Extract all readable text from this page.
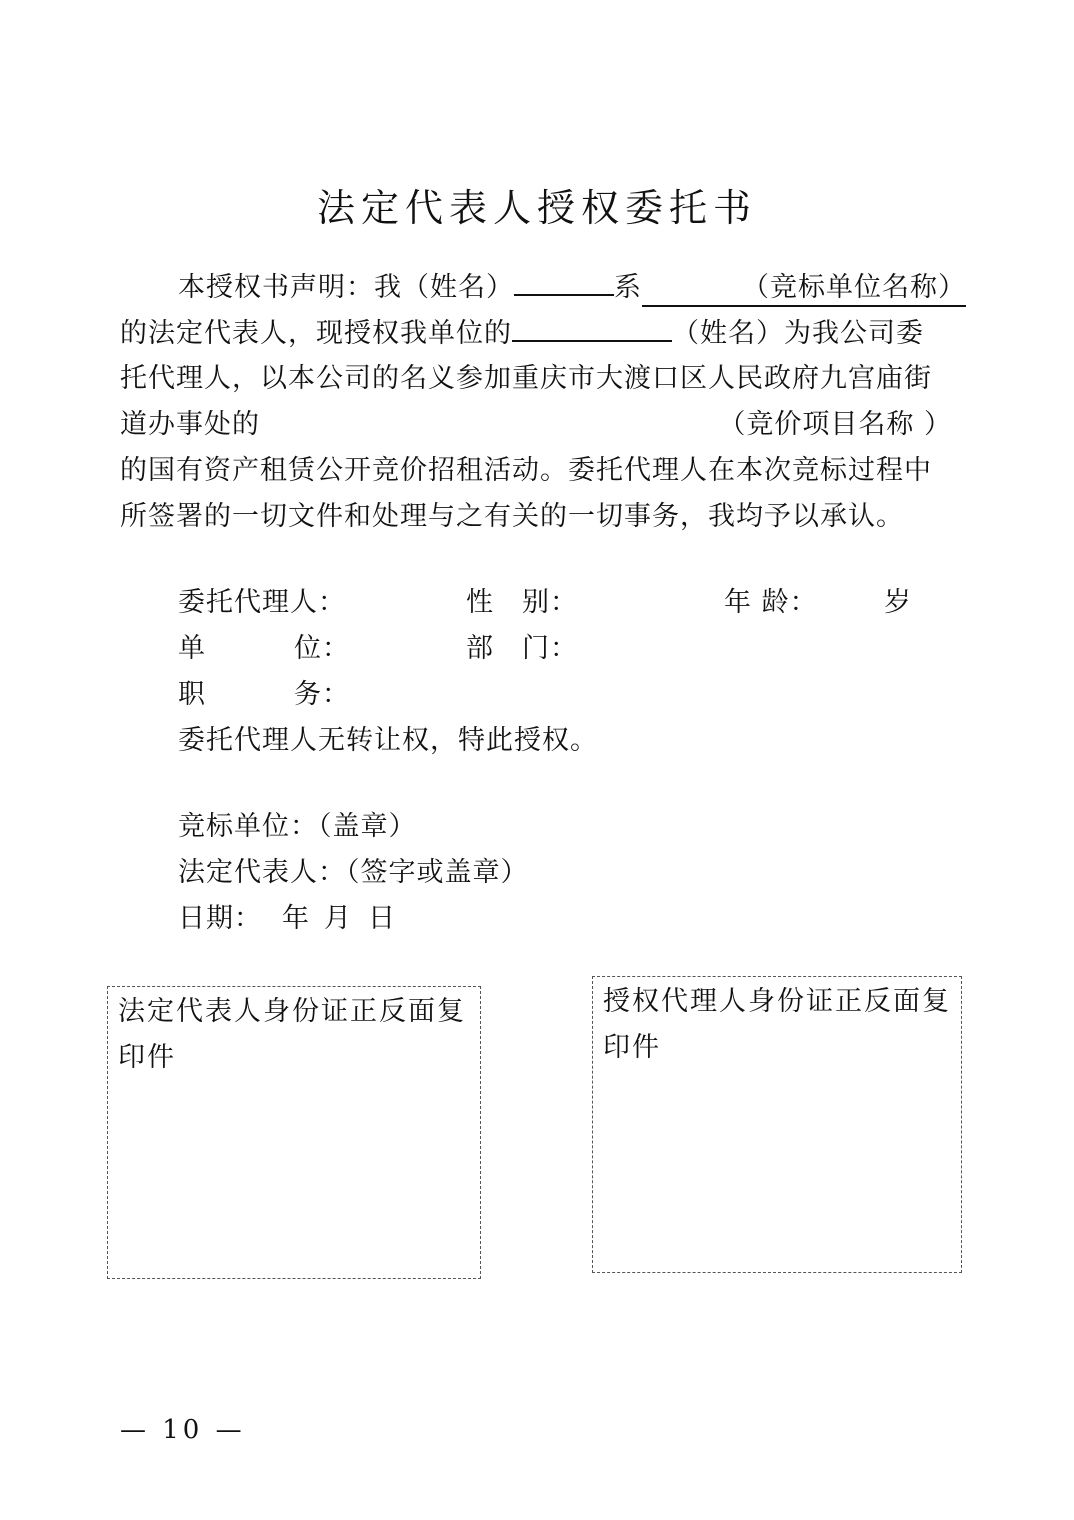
法定代表人授权委托书
本授权书声明：我（姓名）	系	（竞标单位名称）
的法定代表人，现授权我单位的	（姓名）为我公司委
托代理人，以本公司的名义参加重庆市大渡口区人民政府九宫庙街
道办事处的	（竞价项目名称 ）
的国有资产租赁公开竞价招租活动。委托代理人在本次竞标过程中
所签署的一切文件和处理与之有关的一切事务，我均予以承认。
委托代理人：	性　别：	年 龄： 岁
单	位：	部　门：
职	务：
委托代理人无转让权，特此授权。
竞标单位：（盖章）
法定代表人：（签字或盖章）
日期： 年 月 日
法定代表人身份证正反面复印件
授权代理人身份证正反面复印件
— 10 —
